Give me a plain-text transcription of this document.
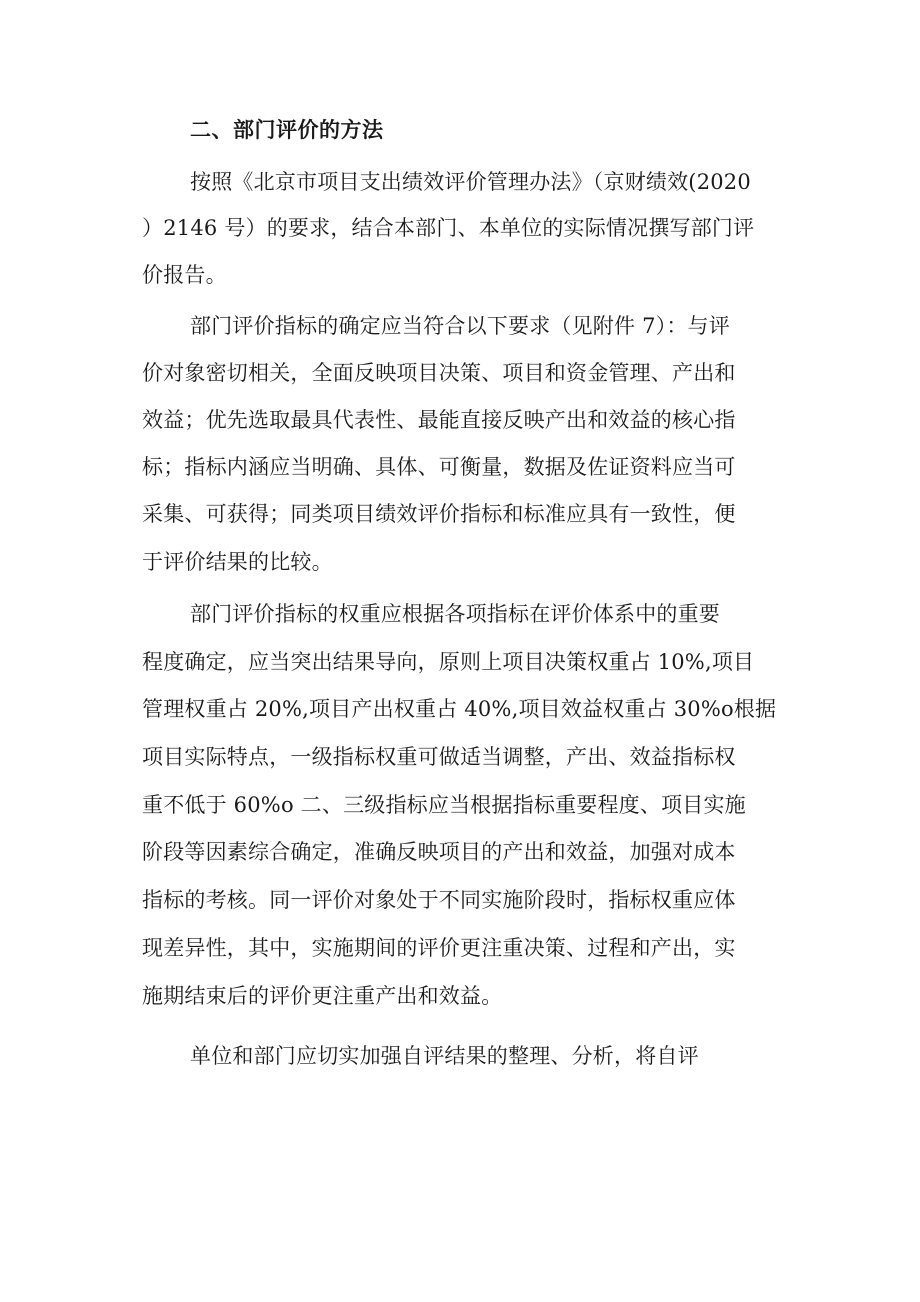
二、部门评价的方法
按照《北京市项目支出绩效评价管理办法》（京财绩效(2020
）2146 号）的要求，结合本部门、本单位的实际情况撰写部门评
价报告。
部门评价指标的确定应当符合以下要求（见附件 7）：与评
价对象密切相关，全面反映项目决策、项目和资金管理、产出和
效益；优先选取最具代表性、最能直接反映产出和效益的核心指
标；指标内涵应当明确、具体、可衡量，数据及佐证资料应当可
采集、可获得；同类项目绩效评价指标和标准应具有一致性，便
于评价结果的比较。
部门评价指标的权重应根据各项指标在评价体系中的重要
程度确定，应当突出结果导向，原则上项目决策权重占 10%,项目
管理权重占 20%,项目产出权重占 40%,项目效益权重占 30%o根据
项目实际特点，一级指标权重可做适当调整，产出、效益指标权
重不低于 60%o 二、三级指标应当根据指标重要程度、项目实施
阶段等因素综合确定，准确反映项目的产出和效益，加强对成本
指标的考核。同一评价对象处于不同实施阶段时，指标权重应体
现差异性，其中，实施期间的评价更注重决策、过程和产出，实
施期结束后的评价更注重产出和效益。
单位和部门应切实加强自评结果的整理、分析，将自评
